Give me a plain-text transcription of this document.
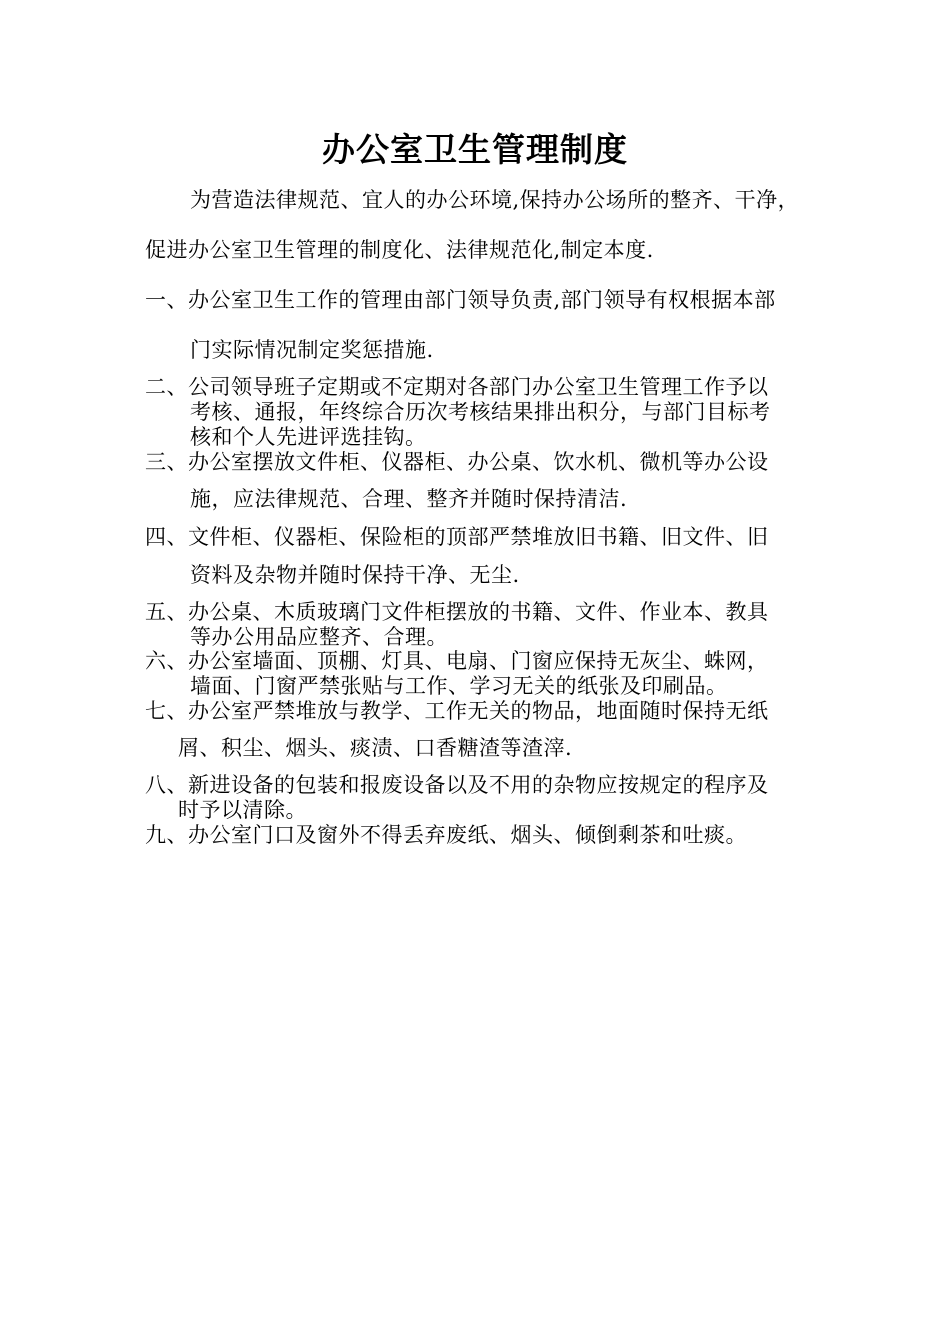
办公室卫生管理制度
为营造法律规范、宜人的办公环境,保持办公场所的整齐、干净，
促进办公室卫生管理的制度化、法律规范化,制定本度.
一、办公室卫生工作的管理由部门领导负责,部门领导有权根据本部
门实际情况制定奖惩措施.
二、公司领导班子定期或不定期对各部门办公室卫生管理工作予以
考核、通报，年终综合历次考核结果排出积分，与部门目标考
核和个人先进评选挂钩。
三、办公室摆放文件柜、仪器柜、办公桌、饮水机、微机等办公设
施，应法律规范、合理、整齐并随时保持清洁.
四、文件柜、仪器柜、保险柜的顶部严禁堆放旧书籍、旧文件、旧
资料及杂物并随时保持干净、无尘.
五、办公桌、木质玻璃门文件柜摆放的书籍、文件、作业本、教具
等办公用品应整齐、合理。
六、办公室墙面、顶棚、灯具、电扇、门窗应保持无灰尘、蛛网，
墙面、门窗严禁张贴与工作、学习无关的纸张及印刷品。
七、办公室严禁堆放与教学、工作无关的物品，地面随时保持无纸
屑、积尘、烟头、痰渍、口香糖渣等渣滓.
八、新进设备的包装和报废设备以及不用的杂物应按规定的程序及
时予以清除。
九、办公室门口及窗外不得丢弃废纸、烟头、倾倒剩茶和吐痰。
